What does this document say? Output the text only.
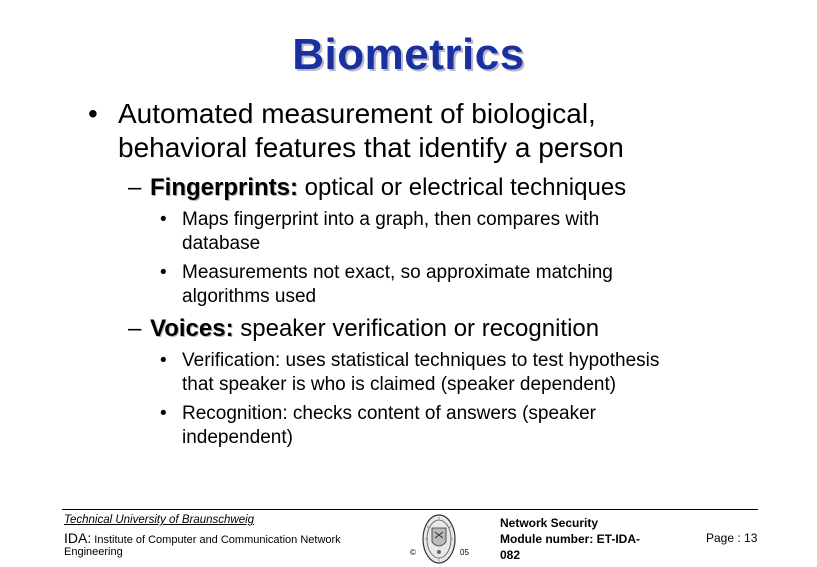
Biometrics
• Automated measurement of biological,
behavioral features that identify a person
– Fingerprints: optical or electrical techniques
• Maps fingerprint into a graph, then compares with
database
• Measurements not exact, so approximate matching
algorithms used
– Voices: speaker verification or recognition
• Verification: uses statistical techniques to test hypothesis
that speaker is who is claimed (speaker dependent)
• Recognition: checks content of answers (speaker
independent)
Technical University of Braunschweig
IDA: Institute of Computer and Communication Network
Engineering	©	05
Network Security
Module number: ET-IDA-
082
Page : 13
